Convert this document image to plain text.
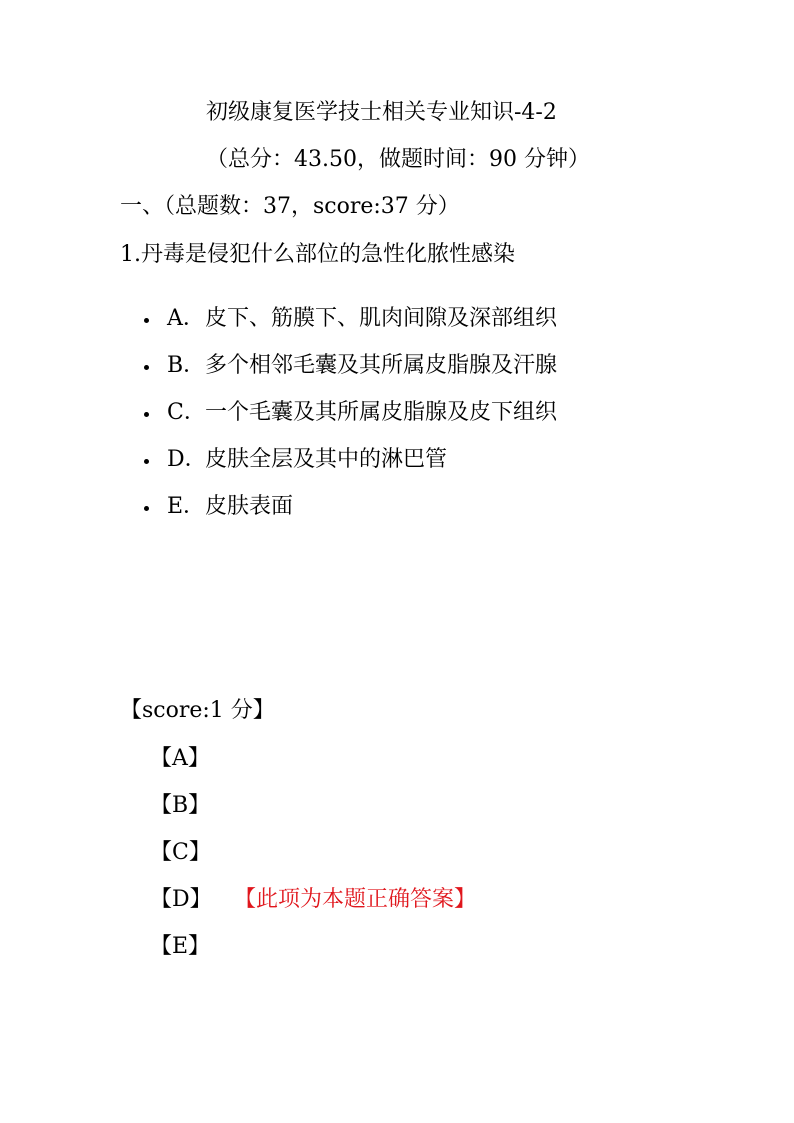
初级康复医学技士相关专业知识-4-2
（总分：43.50，做题时间：90 分钟）
一、（总题数：37，score:37 分）
1.丹毒是侵犯什么部位的急性化脓性感染
A．皮下、筋膜下、肌肉间隙及深部组织
B．多个相邻毛囊及其所属皮脂腺及汗腺
C．一个毛囊及其所属皮脂腺及皮下组织
D．皮肤全层及其中的淋巴管
E．皮肤表面
【score:1 分】
【A】
【B】
【C】
【D】 【此项为本题正确答案】
【E】
